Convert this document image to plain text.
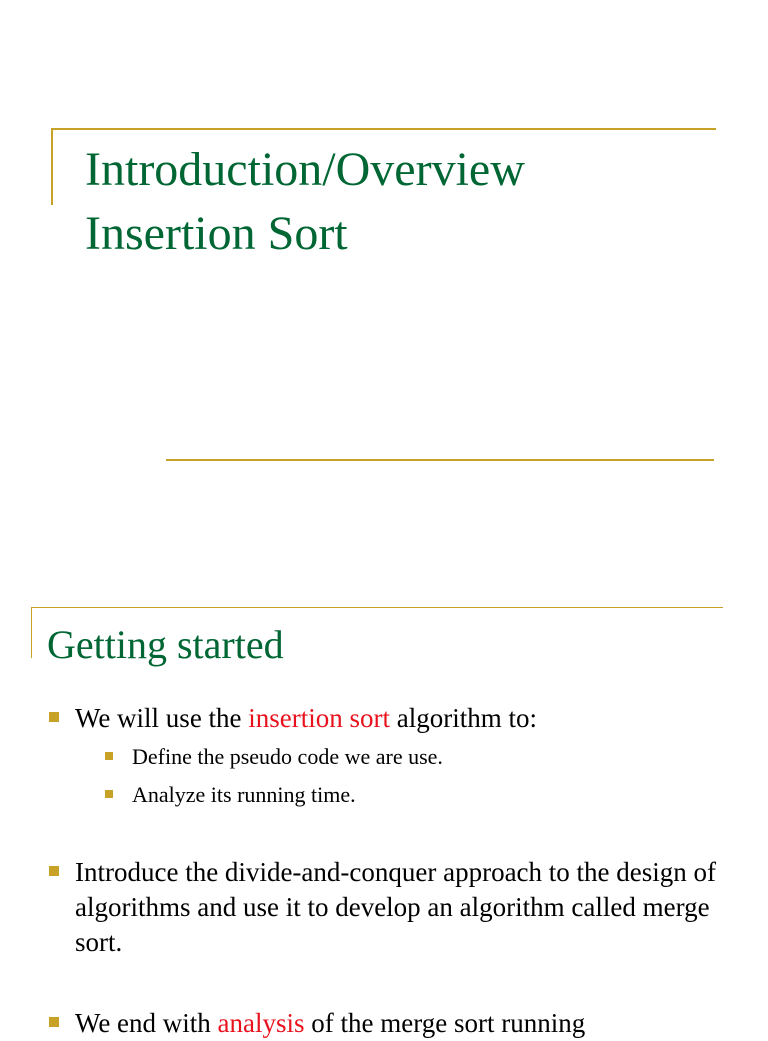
Introduction/Overview
Insertion Sort
Getting started
We will use the insertion sort algorithm to:
Define the pseudo code we are use.
Analyze its running time.
Introduce the divide-and-conquer approach to the design of algorithms and use it to develop an algorithm called merge sort.
We end with analysis of the merge sort running
